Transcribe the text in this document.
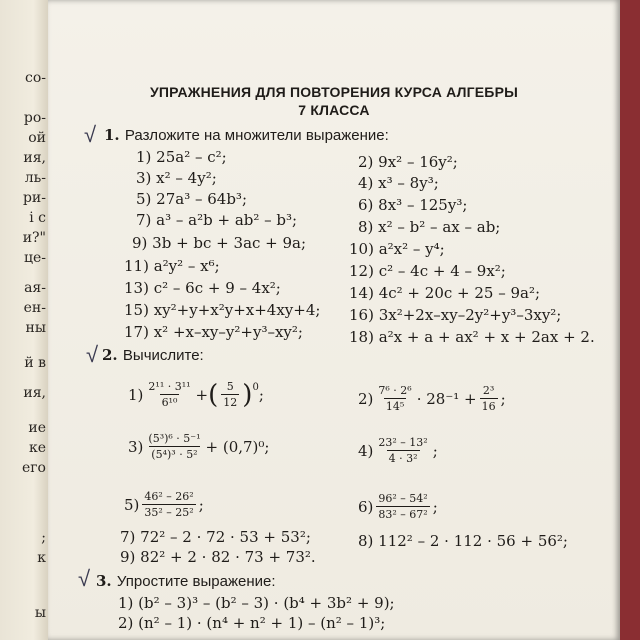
со-
ро-
ой
ия,
ль-
ри-
i с
и?"
це-
ая-
ен-
ны
й в
ия,
ие
ке
его
;
к
ы
УПРАЖНЕНИЯ ДЛЯ ПОВТОРЕНИЯ КУРСА АЛГЕБРЫ
7 КЛАССА
√ 1. Разложите на множители выражение:
1) 25a² – c²;	2) 9x² – 16y²;
3) x² – 4y²;	4) x³ – 8y³;
5) 27a³ – 64b³;	6) 8x³ – 125y³;
7) a³ – a²b + ab² – b³;	8) x² – b² – ax – ab;
9) 3b + bc + 3ac + 9a;	10) a²x² – y⁴;
11) a²y² – x⁶;	12) c² – 4c + 4 – 9x²;
13) c² – 6c + 9 – 4x²;	14) 4c² + 20c + 25 – 9a²;
15) xy²+y+x²y+x+4xy+4; 16) 3x²+2x–xy–2y²+y³–3xy²;
17) x² +x–xy–y²+y³–xy²;	18) a²x + a + ax² + x + 2ax + 2.
√ 2. Вычислите:
$1) \frac{\text{2¹¹ · 3¹¹}}{\text{6¹⁰}}$ + ( $\frac{5}{12}$ ) 0 ;	$2) \frac{\text{7⁶ · 2⁶}}{\text{14⁵}} \cdot 28^{-1} + \frac{\text{2³}}{16}$ ;
$3) \frac{\text{(5³)⁶ · 5⁻¹}}{\text{(5⁴)³ · 5²}} + (0,7)^0$;	$4) \frac{\text{23² – 13²}}{\text{4 · 3²}}$ ;
$5) \frac{\text{46² – 26²}}{\text{35² – 25²}}$ ;	$6) \frac{\text{96² – 54²}}{\text{83² – 67²}}$ ;
7) 72² – 2 · 72 · 53 + 53²;	8) 112² – 2 · 112 · 56 + 56²;
9) 82² + 2 · 82 · 73 + 73².
√ 3. Упростите выражение:
1) (b² – 3)³ – (b² – 3) · (b⁴ + 3b² + 9);
2) (n² – 1) · (n⁴ + n² + 1) – (n² – 1)³;
